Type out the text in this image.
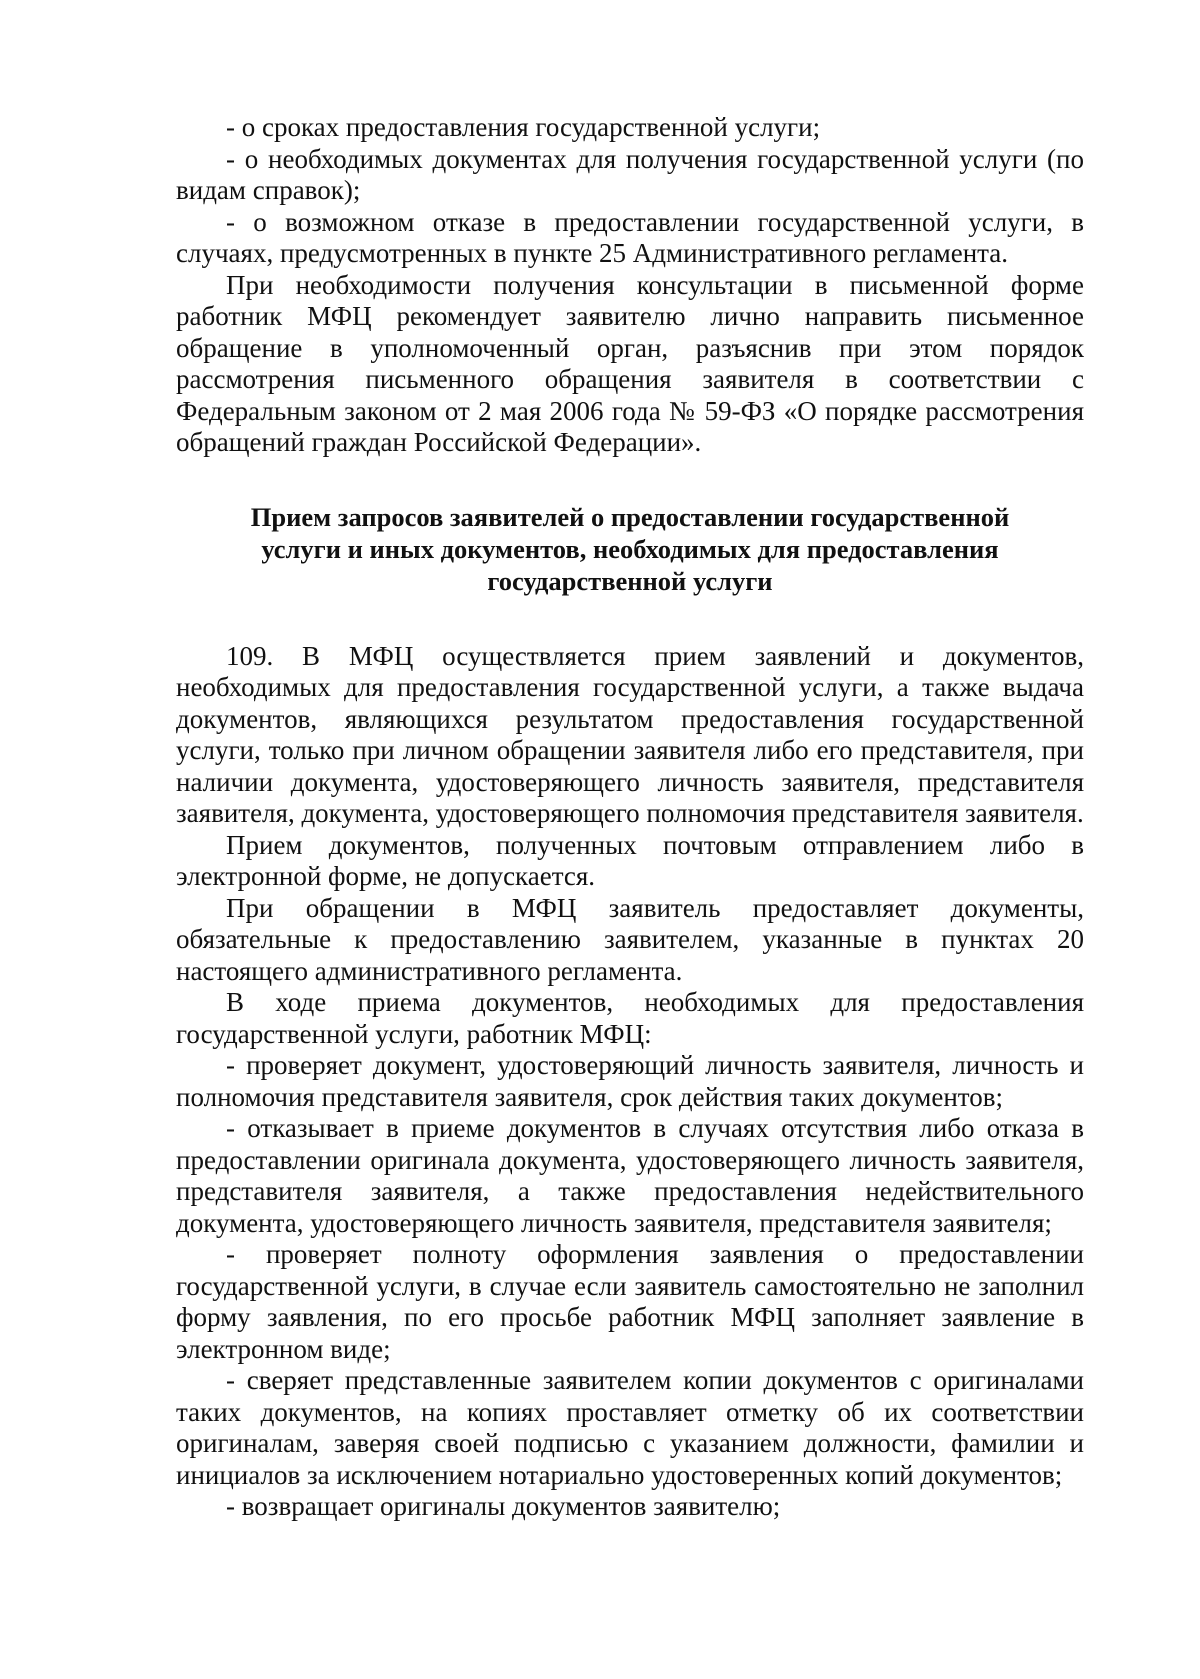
- о сроках предоставления государственной услуги;

- о необходимых документах для получения государственной услуги (по видам справок);

- о возможном отказе в предоставлении государственной услуги, в случаях, предусмотренных в пункте 25 Административного регламента.

При необходимости получения консультации в письменной форме работник МФЦ рекомендует заявителю лично направить письменное обращение в уполномоченный орган, разъяснив при этом порядок рассмотрения письменного обращения заявителя в соответствии с Федеральным законом от 2 мая 2006 года № 59-ФЗ «О порядке рассмотрения обращений граждан Российской Федерации».

Прием запросов заявителей о предоставлении государственной
услуги и иных документов, необходимых для предоставления
государственной услуги

109. В МФЦ осуществляется прием заявлений и документов, необходимых для предоставления государственной услуги, а также выдача документов, являющихся результатом предоставления государственной услуги, только при личном обращении заявителя либо его представителя, при наличии документа, удостоверяющего личность заявителя, представителя заявителя, документа, удостоверяющего полномочия представителя заявителя.

Прием документов, полученных почтовым отправлением либо в электронной форме, не допускается.

При обращении в МФЦ заявитель предоставляет документы, обязательные к предоставлению заявителем, указанные в пунктах 20 настоящего административного регламента.

В ходе приема документов, необходимых для предоставления государственной услуги, работник МФЦ:

- проверяет документ, удостоверяющий личность заявителя, личность и полномочия представителя заявителя, срок действия таких документов;

- отказывает в приеме документов в случаях отсутствия либо отказа в предоставлении оригинала документа, удостоверяющего личность заявителя, представителя заявителя, а также предоставления недействительного документа, удостоверяющего личность заявителя, представителя заявителя;

- проверяет полноту оформления заявления о предоставлении государственной услуги, в случае если заявитель самостоятельно не заполнил форму заявления, по его просьбе работник МФЦ заполняет заявление в электронном виде;

- сверяет представленные заявителем копии документов с оригиналами таких документов, на копиях проставляет отметку об их соответствии оригиналам, заверяя своей подписью с указанием должности, фамилии и инициалов за исключением нотариально удостоверенных копий документов;

- возвращает оригиналы документов заявителю;
